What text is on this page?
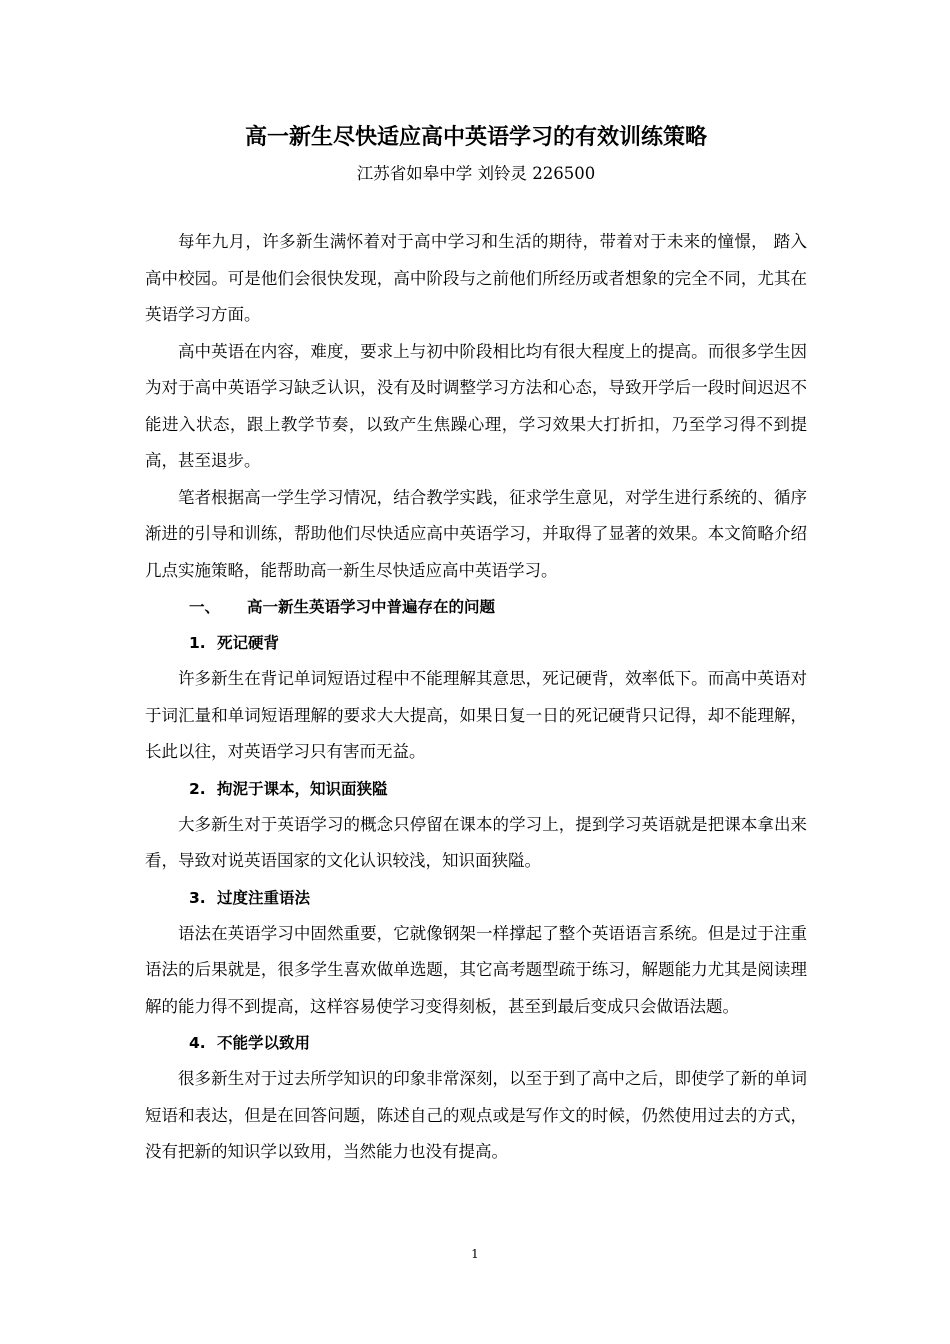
高一新生尽快适应高中英语学习的有效训练策略

江苏省如皋中学 刘铃灵 226500

每年九月，许多新生满怀着对于高中学习和生活的期待，带着对于未来的憧憬， 踏入高中校园。可是他们会很快发现，高中阶段与之前他们所经历或者想象的完全不同，尤其在英语学习方面。

高中英语在内容，难度，要求上与初中阶段相比均有很大程度上的提高。而很多学生因为对于高中英语学习缺乏认识，没有及时调整学习方法和心态，导致开学后一段时间迟迟不能进入状态，跟上教学节奏，以致产生焦躁心理，学习效果大打折扣，乃至学习得不到提高，甚至退步。

笔者根据高一学生学习情况，结合教学实践，征求学生意见，对学生进行系统的、循序渐进的引导和训练，帮助他们尽快适应高中英语学习，并取得了显著的效果。本文简略介绍几点实施策略，能帮助高一新生尽快适应高中英语学习。

一、 高一新生英语学习中普遍存在的问题
1. 死记硬背

许多新生在背记单词短语过程中不能理解其意思，死记硬背，效率低下。而高中英语对于词汇量和单词短语理解的要求大大提高，如果日复一日的死记硬背只记得，却不能理解，长此以往，对英语学习只有害而无益。

2. 拘泥于课本，知识面狭隘

大多新生对于英语学习的概念只停留在课本的学习上，提到学习英语就是把课本拿出来看，导致对说英语国家的文化认识较浅，知识面狭隘。

3. 过度注重语法

语法在英语学习中固然重要，它就像钢架一样撑起了整个英语语言系统。但是过于注重语法的后果就是，很多学生喜欢做单选题，其它高考题型疏于练习，解题能力尤其是阅读理解的能力得不到提高，这样容易使学习变得刻板，甚至到最后变成只会做语法题。

4. 不能学以致用

很多新生对于过去所学知识的印象非常深刻，以至于到了高中之后，即使学了新的单词短语和表达，但是在回答问题，陈述自己的观点或是写作文的时候，仍然使用过去的方式，没有把新的知识学以致用，当然能力也没有提高。

1
